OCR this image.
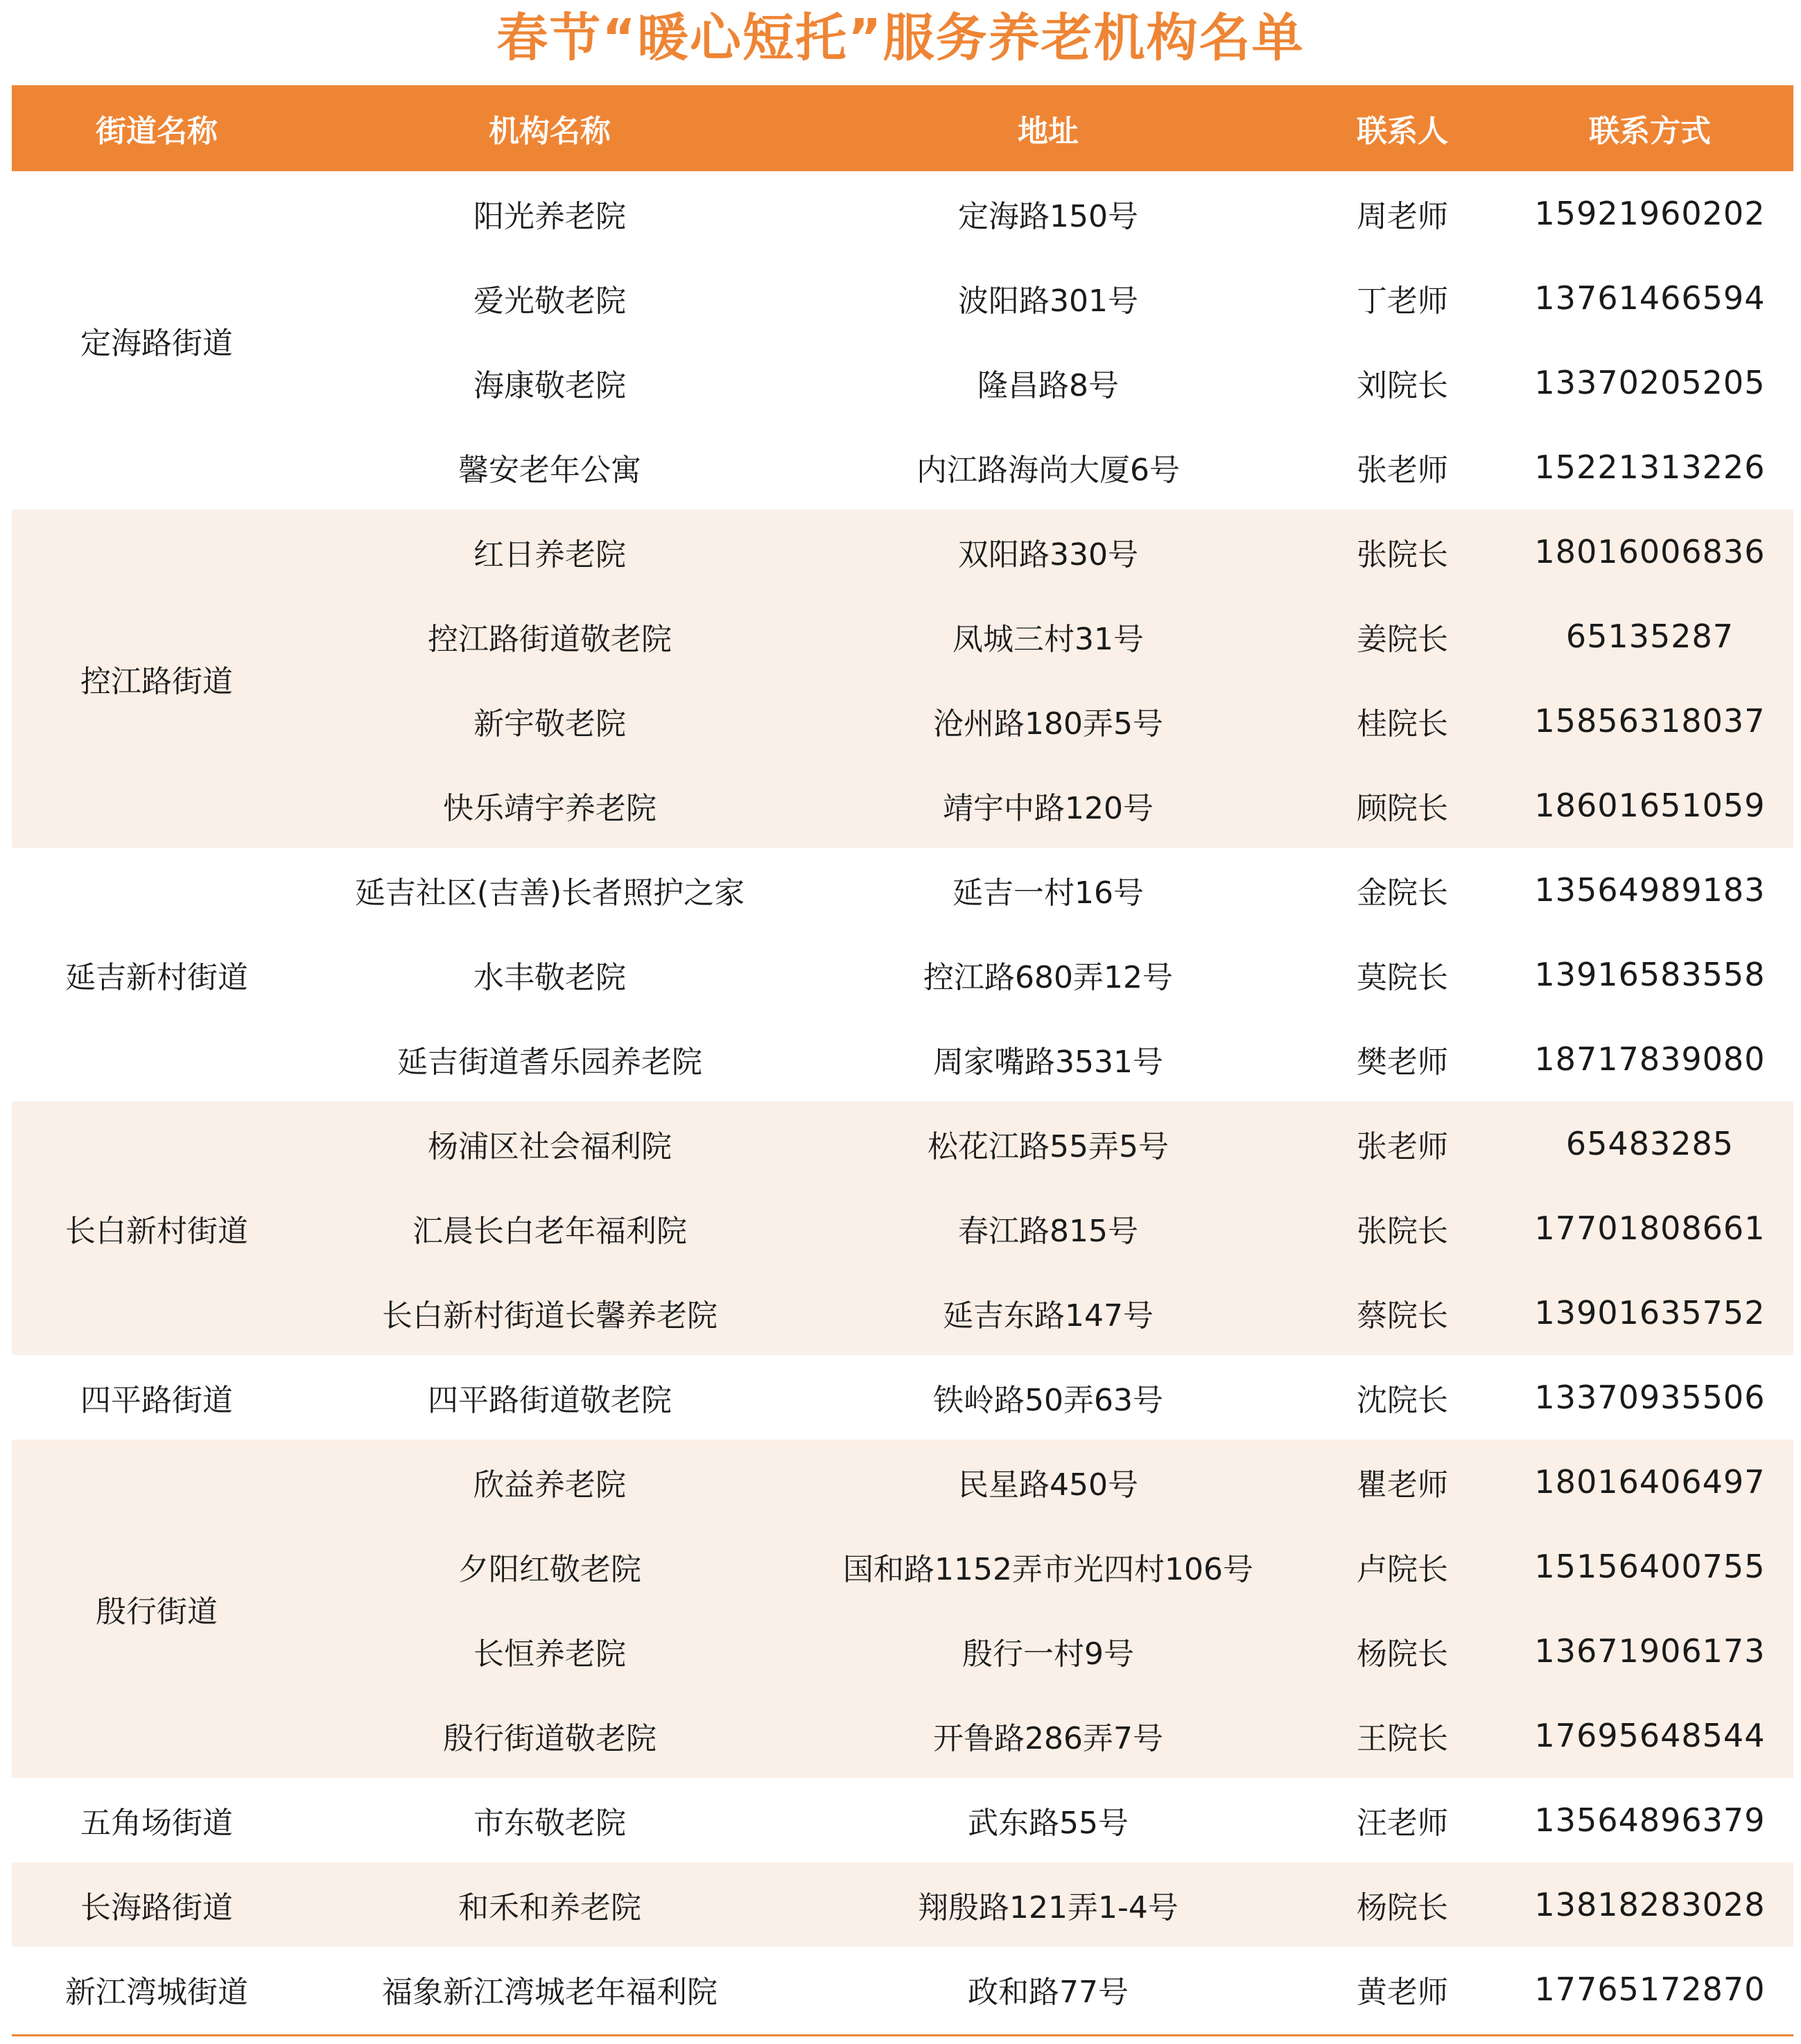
春节“暖心短托”服务养老机构名单
街道名称	机构名称	地址	联系人	联系方式
定海路街道	阳光养老院	定海路150号	周老师	15921960202
	爱光敬老院	波阳路301号	丁老师	13761466594
	海康敬老院	隆昌路8号	刘院长	13370205205
	馨安老年公寓	内江路海尚大厦6号	张老师	15221313226
控江路街道	红日养老院	双阳路330号	张院长	18016006836
	控江路街道敬老院	凤城三村31号	姜院长	65135287
	新宇敬老院	沧州路180弄5号	桂院长	15856318037
	快乐靖宇养老院	靖宇中路120号	顾院长	18601651059
延吉新村街道	延吉社区(吉善)长者照护之家	延吉一村16号	金院长	13564989183
	水丰敬老院	控江路680弄12号	莫院长	13916583558
	延吉街道耆乐园养老院	周家嘴路3531号	樊老师	18717839080
长白新村街道	杨浦区社会福利院	松花江路55弄5号	张老师	65483285
	汇晨长白老年福利院	春江路815号	张院长	17701808661
	长白新村街道长馨养老院	延吉东路147号	蔡院长	13901635752
四平路街道	四平路街道敬老院	铁岭路50弄63号	沈院长	13370935506
殷行街道	欣益养老院	民星路450号	瞿老师	18016406497
	夕阳红敬老院	国和路1152弄市光四村106号	卢院长	15156400755
	长恒养老院	殷行一村9号	杨院长	13671906173
	殷行街道敬老院	开鲁路286弄7号	王院长	17695648544
五角场街道	市东敬老院	武东路55号	汪老师	13564896379
长海路街道	和禾和养老院	翔殷路121弄1-4号	杨院长	13818283028
新江湾城街道	福象新江湾城老年福利院	政和路77号	黄老师	17765172870
